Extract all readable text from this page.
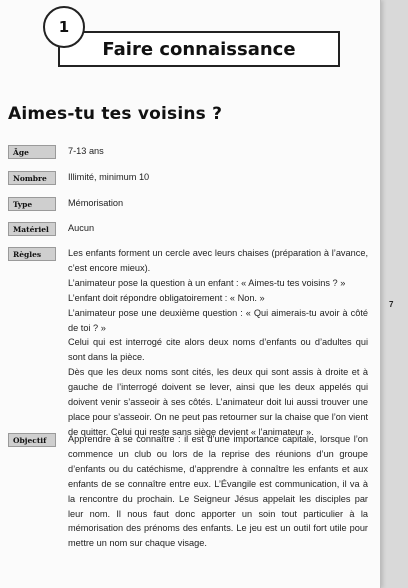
Faire connaissance
1
Aimes-tu tes voisins ?
Âge	7-13 ans
Nombre	Illimité, minimum 10
Type	Mémorisation
Matériel	Aucun
Règles	Les enfants forment un cercle avec leurs chaises (préparation à l’avance, c’est encore mieux).

L’animateur pose la question à un enfant : « Aimes-tu tes voisins ? »

L’enfant doit répondre obligatoirement : « Non. »

L’animateur pose une deuxième question : « Qui aimerais-tu avoir à côté de toi ? »

Celui qui est interrogé cite alors deux noms d’enfants ou d’adultes qui sont dans la pièce.

Dès que les deux noms sont cités, les deux qui sont assis à droite et à gauche de l’interrogé doivent se lever, ainsi que les deux appelés qui doivent venir s’asseoir à ses côtés. L’animateur doit lui aussi trouver une place pour s’asseoir. On ne peut pas retourner sur la chaise que l’on vient de quitter. Celui qui reste sans siège devient « l’animateur ».

Objectif	Apprendre à se connaître : il est d’une importance capitale, lorsque l’on commence un club ou lors de la reprise des réunions d’un groupe d’enfants ou du catéchisme, d’apprendre à connaître les enfants et aux enfants de se connaître entre eux. L’Évangile est communication, il va à la rencontre du prochain. Le Seigneur Jésus appelait les disciples par leur nom. Il nous faut donc apporter un soin tout particulier à la mémorisation des prénoms des enfants. Le jeu est un outil fort utile pour mettre un nom sur chaque visage.

7
